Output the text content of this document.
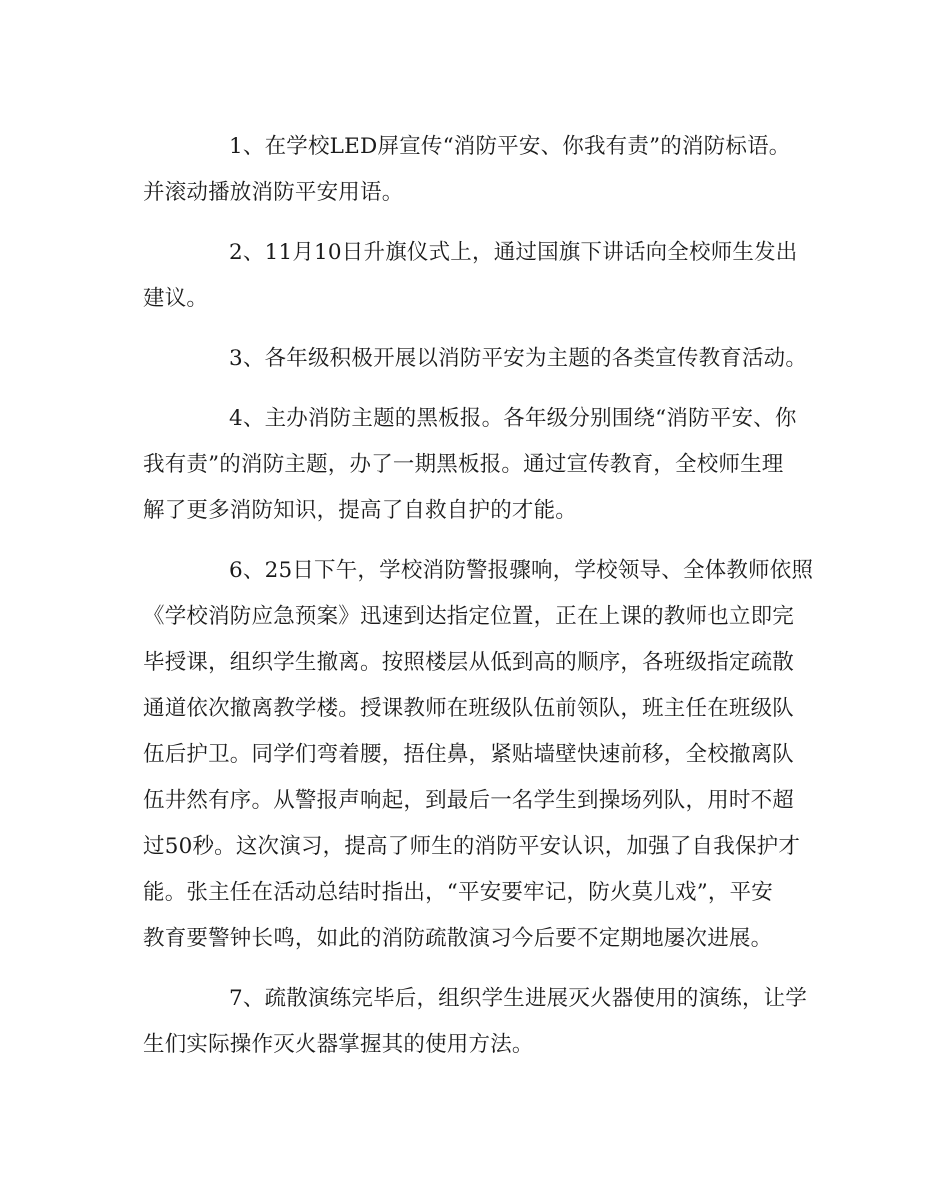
1、在学校LED屏宣传“消防平安、你我有责”的消防标语。
并滚动播放消防平安用语。

2、11月10日升旗仪式上，通过国旗下讲话向全校师生发出
建议。

3、各年级积极开展以消防平安为主题的各类宣传教育活动。

4、主办消防主题的黑板报。各年级分别围绕“消防平安、你
我有责”的消防主题，办了一期黑板报。通过宣传教育，全校师生理
解了更多消防知识，提高了自救自护的才能。

6、25日下午，学校消防警报骤响，学校领导、全体教师依照
《学校消防应急预案》迅速到达指定位置，正在上课的教师也立即完
毕授课，组织学生撤离。按照楼层从低到高的顺序，各班级指定疏散
通道依次撤离教学楼。授课教师在班级队伍前领队，班主任在班级队
伍后护卫。同学们弯着腰，捂住鼻，紧贴墙壁快速前移，全校撤离队
伍井然有序。从警报声响起，到最后一名学生到操场列队，用时不超
过50秒。这次演习，提高了师生的消防平安认识，加强了自我保护才
能。张主任在活动总结时指出，“平安要牢记，防火莫儿戏”，平安
教育要警钟长鸣，如此的消防疏散演习今后要不定期地屡次进展。

7、疏散演练完毕后，组织学生进展灭火器使用的演练，让学
生们实际操作灭火器掌握其的使用方法。
